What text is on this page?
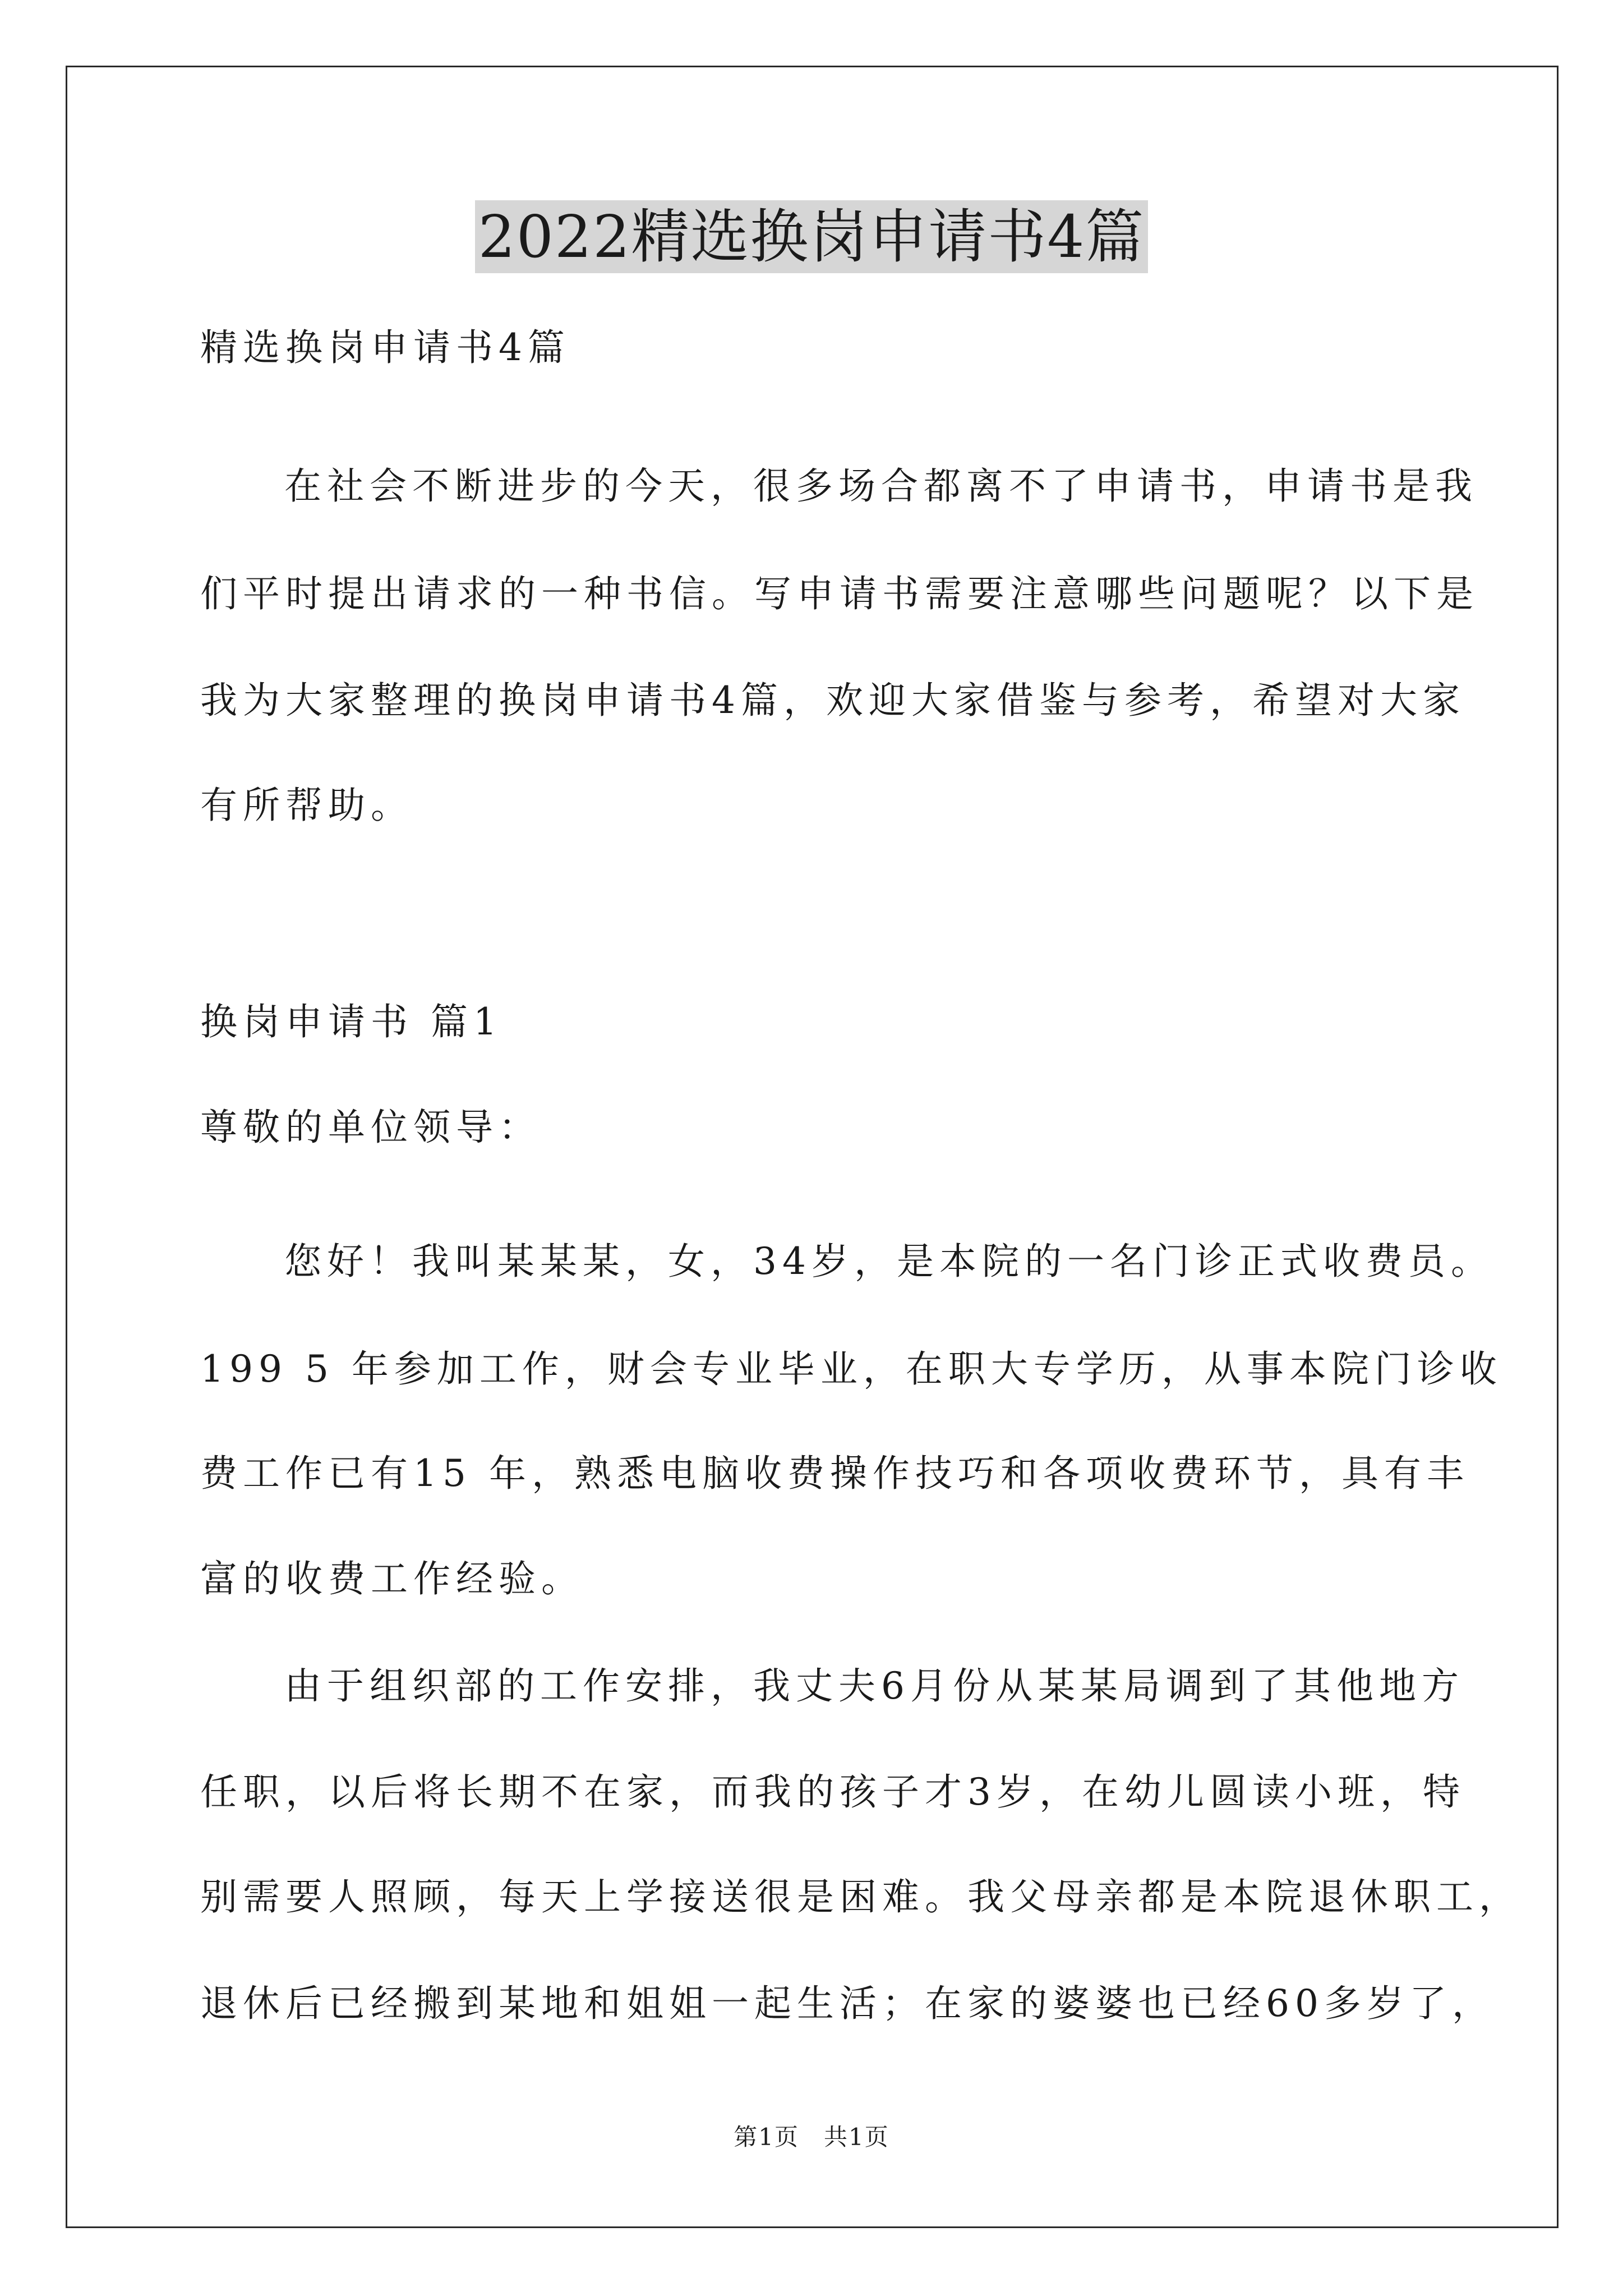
2022精选换岗申请书4篇
精选换岗申请书4篇
在社会不断进步的今天，很多场合都离不了申请书，申请书是我
们平时提出请求的一种书信。写申请书需要注意哪些问题呢？以下是
我为大家整理的换岗申请书4篇，欢迎大家借鉴与参考，希望对大家
有所帮助。
换岗申请书 篇1
尊敬的单位领导：
您好！我叫某某某，女，34岁，是本院的一名门诊正式收费员。
199 5 年参加工作，财会专业毕业，在职大专学历，从事本院门诊收
费工作已有15 年，熟悉电脑收费操作技巧和各项收费环节，具有丰
富的收费工作经验。
由于组织部的工作安排，我丈夫6月份从某某局调到了其他地方
任职，以后将长期不在家，而我的孩子才3岁，在幼儿圆读小班，特
别需要人照顾，每天上学接送很是困难。我父母亲都是本院退休职工，
退休后已经搬到某地和姐姐一起生活；在家的婆婆也已经60多岁了，
第1页　共1页
